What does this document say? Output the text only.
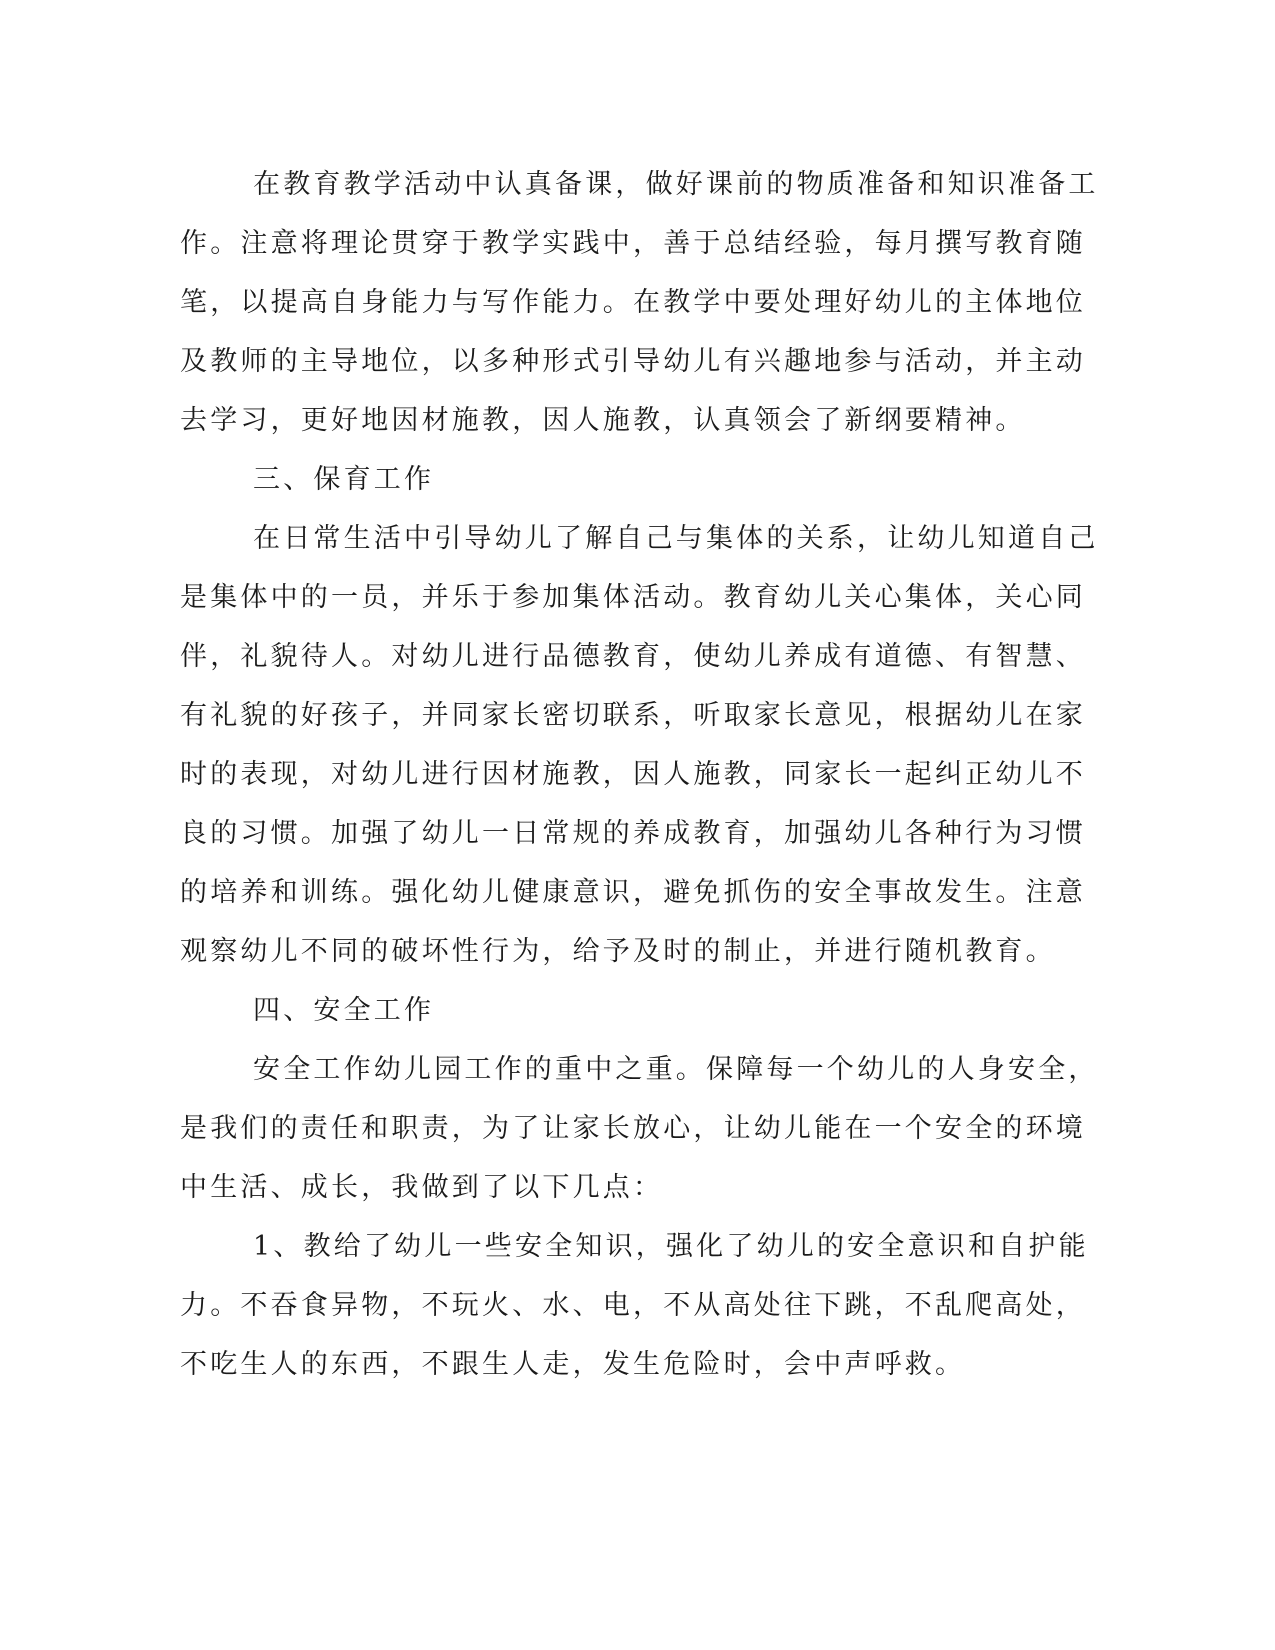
在教育教学活动中认真备课，做好课前的物质准备和知识准备工
作。注意将理论贯穿于教学实践中，善于总结经验，每月撰写教育随
笔，以提高自身能力与写作能力。在教学中要处理好幼儿的主体地位
及教师的主导地位，以多种形式引导幼儿有兴趣地参与活动，并主动
去学习，更好地因材施教，因人施教，认真领会了新纲要精神。
三、保育工作
在日常生活中引导幼儿了解自己与集体的关系，让幼儿知道自己
是集体中的一员，并乐于参加集体活动。教育幼儿关心集体，关心同
伴，礼貌待人。对幼儿进行品德教育，使幼儿养成有道德、有智慧、
有礼貌的好孩子，并同家长密切联系，听取家长意见，根据幼儿在家
时的表现，对幼儿进行因材施教，因人施教，同家长一起纠正幼儿不
良的习惯。加强了幼儿一日常规的养成教育，加强幼儿各种行为习惯
的培养和训练。强化幼儿健康意识，避免抓伤的安全事故发生。注意
观察幼儿不同的破坏性行为，给予及时的制止，并进行随机教育。
四、安全工作
安全工作幼儿园工作的重中之重。保障每一个幼儿的人身安全，
是我们的责任和职责，为了让家长放心，让幼儿能在一个安全的环境
中生活、成长，我做到了以下几点：
1、教给了幼儿一些安全知识，强化了幼儿的安全意识和自护能
力。不吞食异物，不玩火、水、电，不从高处往下跳，不乱爬高处，
不吃生人的东西，不跟生人走，发生危险时，会中声呼救。
